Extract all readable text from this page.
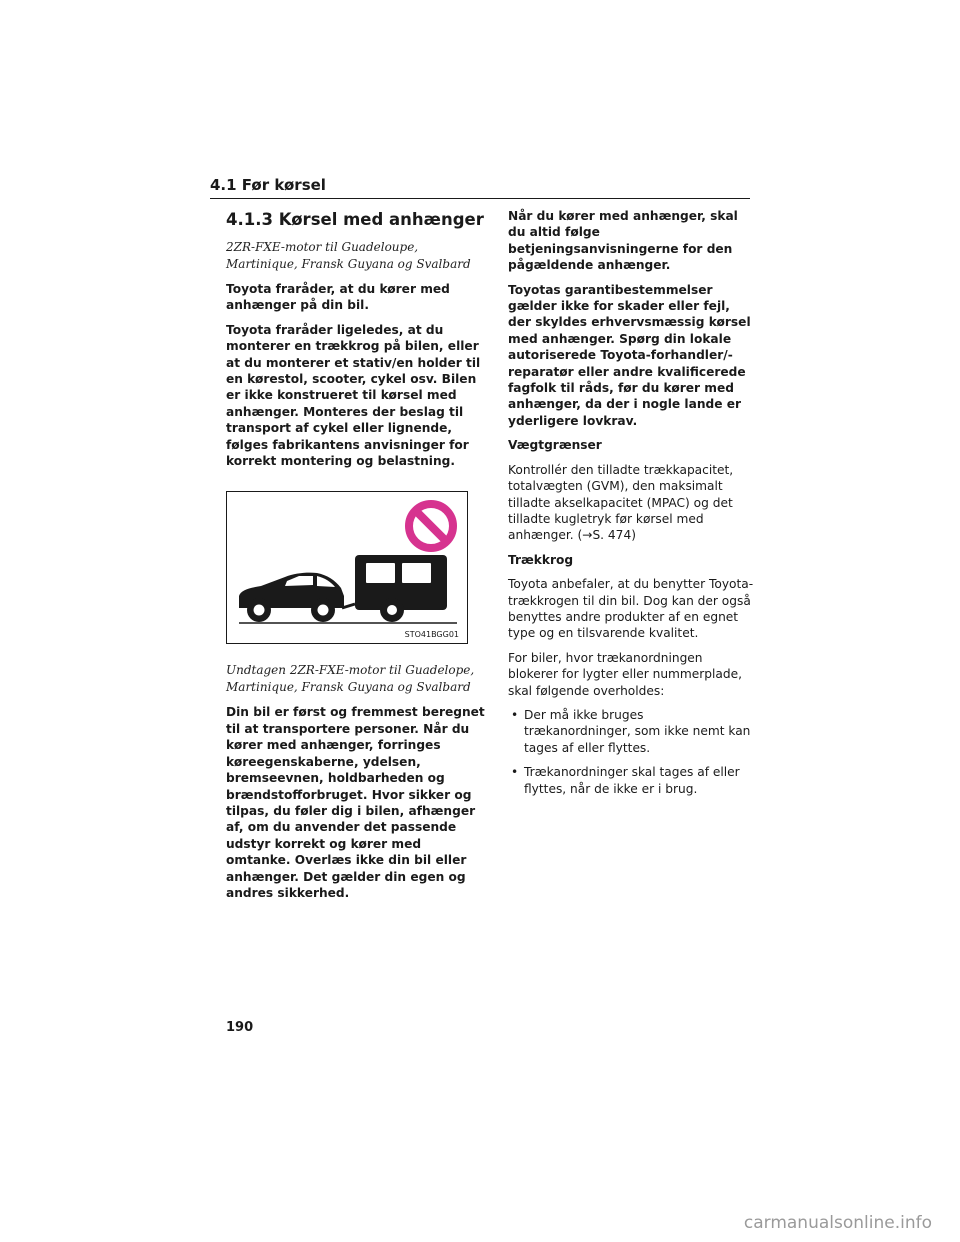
4.1 Før kørsel
4.1.3 Kørsel med anhænger
2ZR-FXE-motor til Guadeloupe, Martinique, Fransk Guyana og Svalbard
Toyota fraråder, at du kører med anhænger på din bil.
Toyota fraråder ligeledes, at du monterer en trækkrog på bilen, eller at du monterer et stativ/en holder til en kørestol, scooter, cykel osv. Bilen er ikke konstrueret til kørsel med anhænger. Monteres der beslag til transport af cykel eller lignende, følges fabrikantens anvisninger for korrekt montering og belastning.
STO41BGG01
Undtagen 2ZR-FXE-motor til Guadelope, Martinique, Fransk Guyana og Svalbard
Din bil er først og fremmest beregnet til at transportere personer. Når du kører med anhænger, forringes køreegenskaberne, ydelsen, bremseevnen, holdbarheden og brændstofforbruget. Hvor sikker og tilpas, du føler dig i bilen, afhænger af, om du anvender det passende udstyr korrekt og kører med omtanke. Overlæs ikke din bil eller anhænger. Det gælder din egen og andres sikkerhed.
Når du kører med anhænger, skal du altid følge betjeningsanvisningerne for den pågældende anhænger.
Toyotas garantibestemmelser gælder ikke for skader eller fejl, der skyldes erhvervsmæssig kørsel med anhænger. Spørg din lokale autoriserede Toyota-forhandler/-reparatør eller andre kvalificerede fagfolk til råds, før du kører med anhænger, da der i nogle lande er yderligere lovkrav.
Vægtgrænser
Kontrollér den tilladte trækkapacitet, totalvægten (GVM), den maksimalt tilladte akselkapacitet (MPAC) og det tilladte kugletryk før kørsel med anhænger. (→S. 474)
Trækkrog
Toyota anbefaler, at du benytter Toyota-trækkrogen til din bil. Dog kan der også benyttes andre produkter af en egnet type og en tilsvarende kvalitet.
For biler, hvor trækanordningen blokerer for lygter eller nummerplade, skal følgende overholdes:
• Der må ikke bruges trækanordninger, som ikke nemt kan tages af eller flyttes.
• Trækanordninger skal tages af eller flyttes, når de ikke er i brug.
190
carmanualsonline.info
